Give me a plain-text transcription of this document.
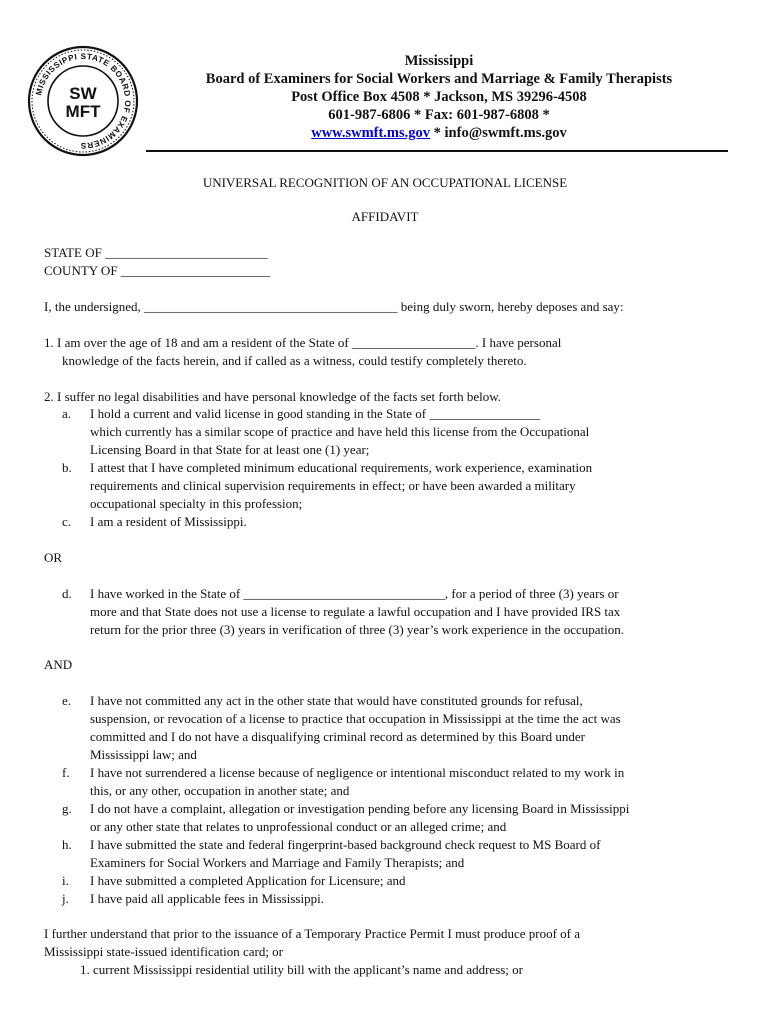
MISSISSIPPI STATE BOARD OF EXAMINERS
SW
MFT
Mississippi
Board of Examiners for Social Workers and Marriage & Family Therapists
Post Office Box 4508 * Jackson, MS 39296-4508
601-987-6806 * Fax: 601-987-6808 *
www.swmft.ms.gov * info@swmft.ms.gov
UNIVERSAL RECOGNITION OF AN OCCUPATIONAL LICENSE
AFFIDAVIT
STATE OF _________________________
COUNTY OF _______________________
I, the undersigned, _______________________________________ being duly sworn, hereby deposes and say:
1. I am over the age of 18 and am a resident of the State of ___________________. I have personal
knowledge of the facts herein, and if called as a witness, could testify completely thereto.
2. I suffer no legal disabilities and have personal knowledge of the facts set forth below.
a.	I hold a current and valid license in good standing in the State of _________________
which currently has a similar scope of practice and have held this license from the Occupational
Licensing Board in that State for at least one (1) year;
b.	I attest that I have completed minimum educational requirements, work experience, examination
requirements and clinical supervision requirements in effect; or have been awarded a military
occupational specialty in this profession;
c.	I am a resident of Mississippi.
OR
d.	I have worked in the State of _______________________________, for a period of three (3) years or
more and that State does not use a license to regulate a lawful occupation and I have provided IRS tax
return for the prior three (3) years in verification of three (3) year’s work experience in the occupation.
AND
e.	I have not committed any act in the other state that would have constituted grounds for refusal,
suspension, or revocation of a license to practice that occupation in Mississippi at the time the act was
committed and I do not have a disqualifying criminal record as determined by this Board under
Mississippi law; and
f.	I have not surrendered a license because of negligence or intentional misconduct related to my work in
this, or any other, occupation in another state; and
g.	I do not have a complaint, allegation or investigation pending before any licensing Board in Mississippi
or any other state that relates to unprofessional conduct or an alleged crime; and
h.	I have submitted the state and federal fingerprint-based background check request to MS Board of
Examiners for Social Workers and Marriage and Family Therapists; and
i.	I have submitted a completed Application for Licensure; and
j.	I have paid all applicable fees in Mississippi.
I further understand that prior to the issuance of a Temporary Practice Permit I must produce proof of a
Mississippi state-issued identification card; or
1. current Mississippi residential utility bill with the applicant’s name and address; or
